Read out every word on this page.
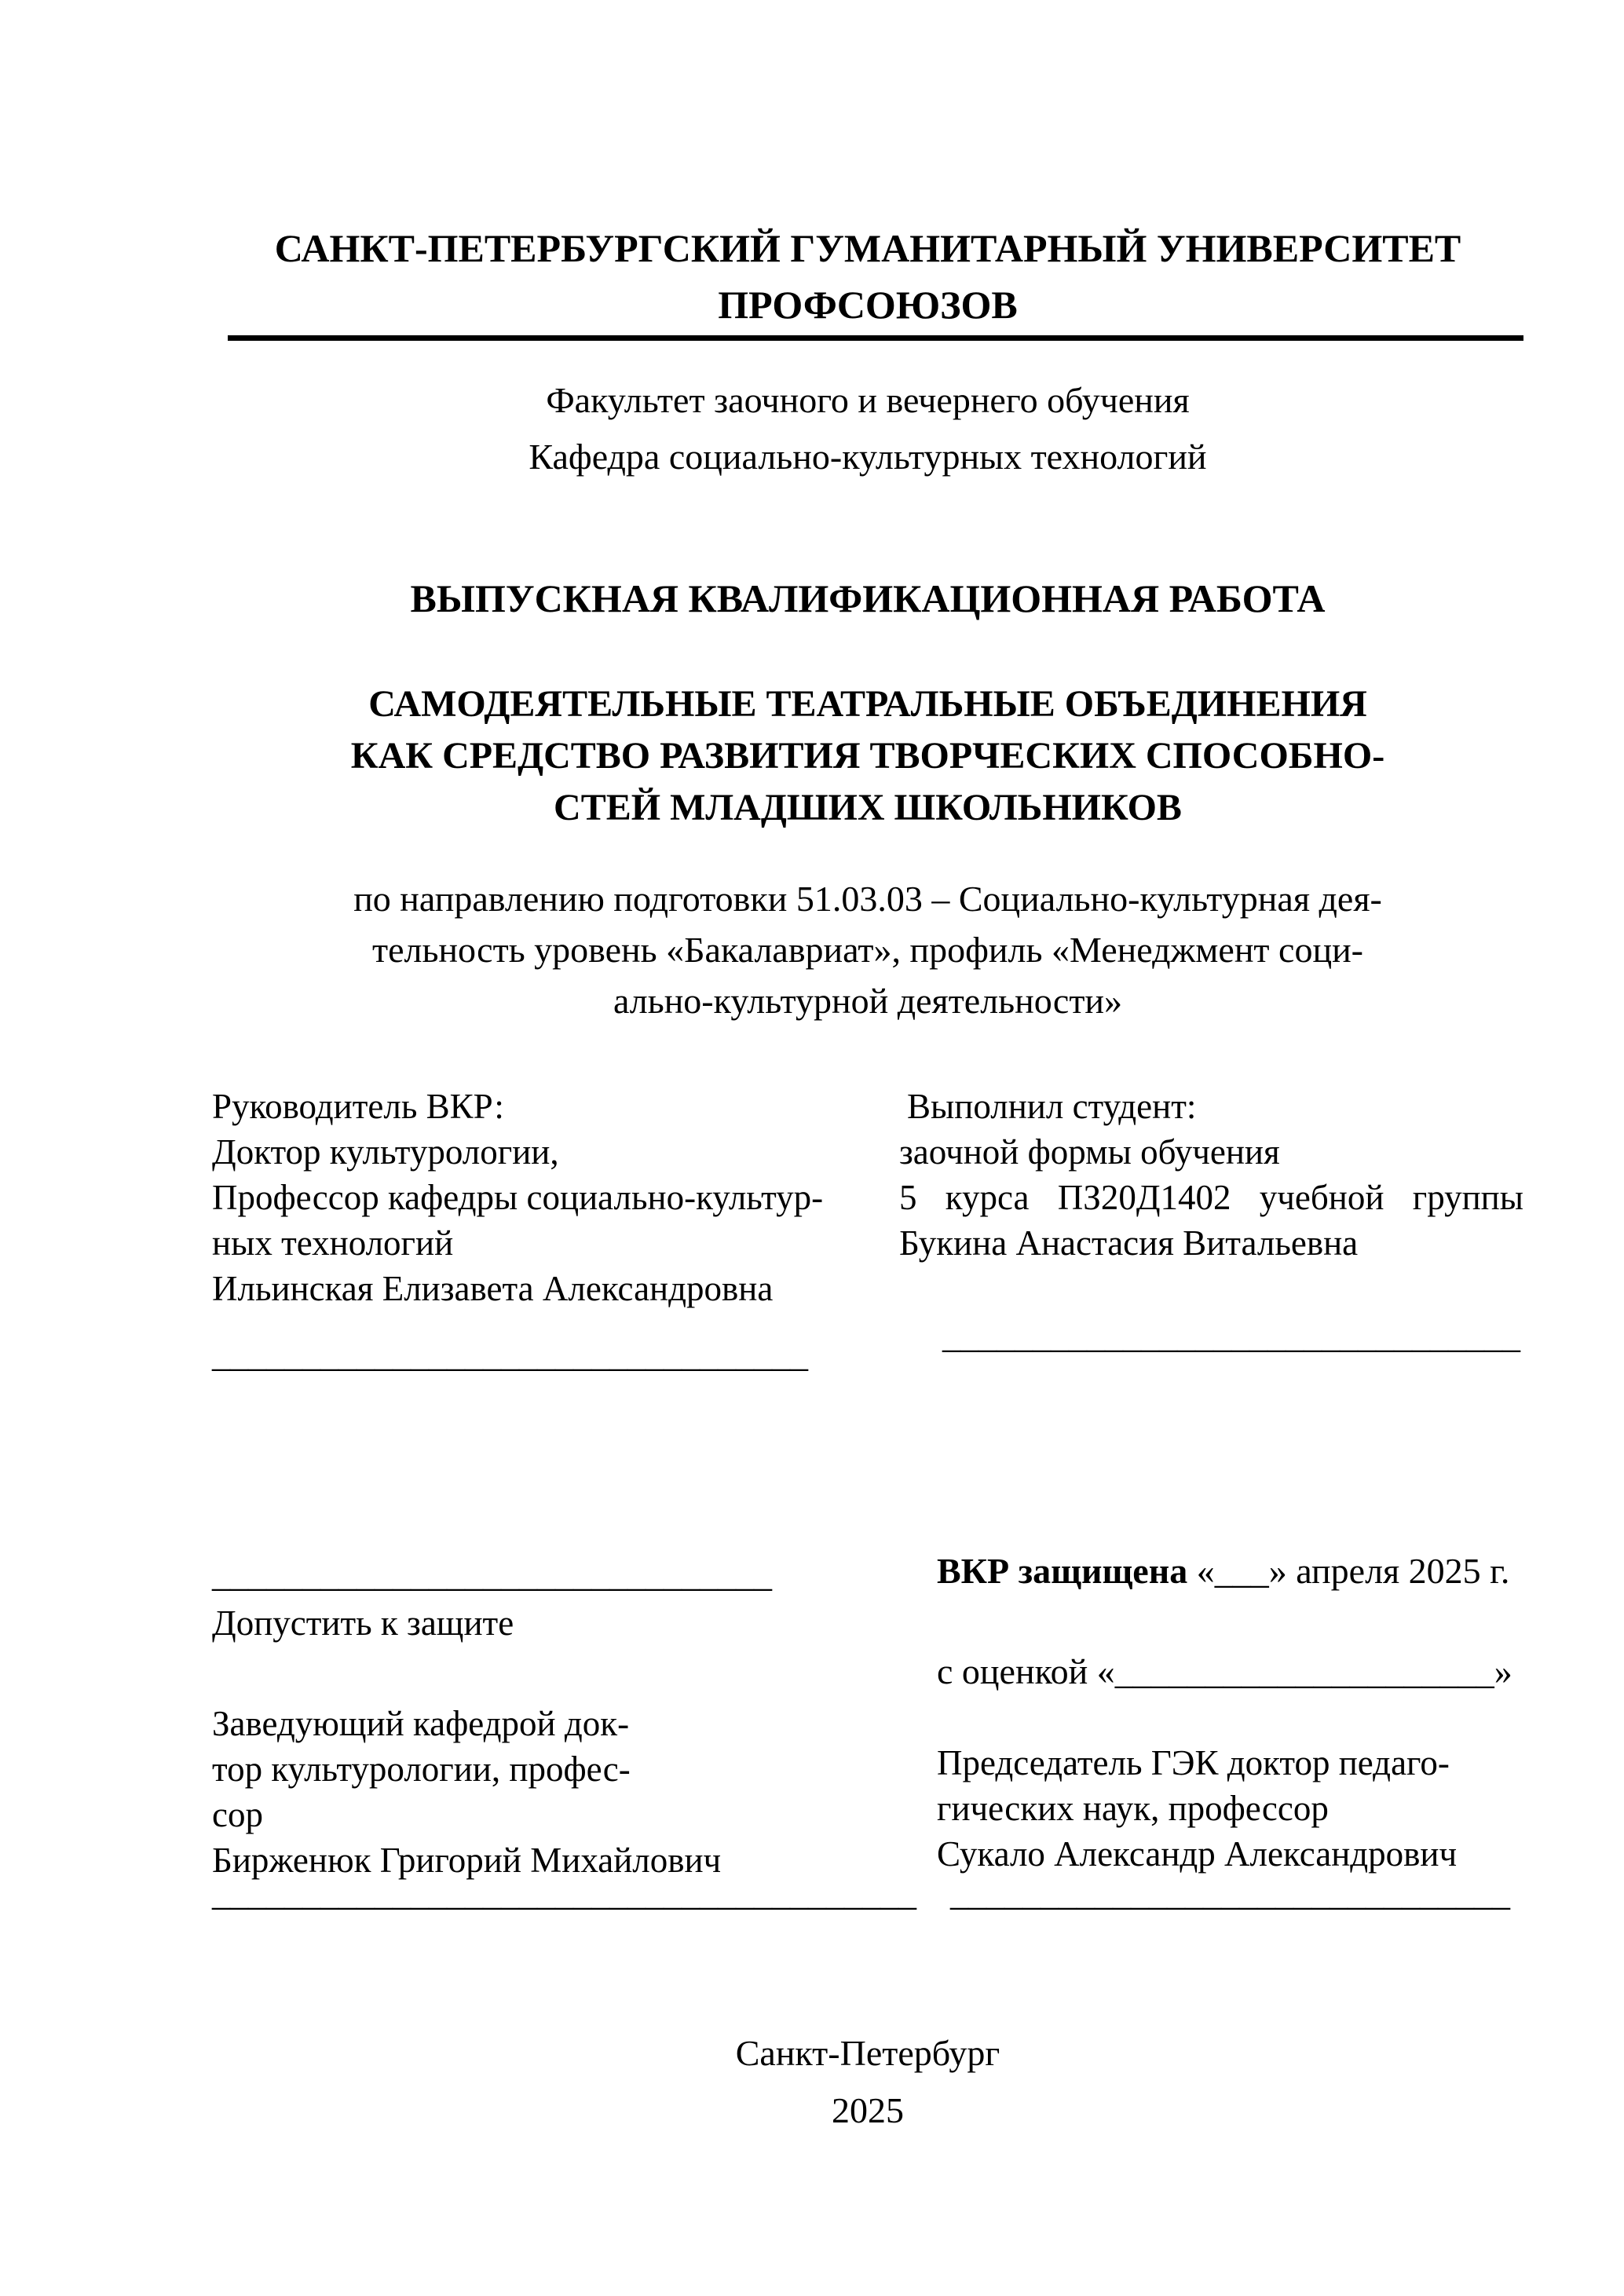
САНКТ-ПЕТЕРБУРГСКИЙ ГУМАНИТАРНЫЙ УНИВЕРСИТЕТ
ПРОФСОЮЗОВ
Факультет заочного и вечернего обучения
Кафедра социально-культурных технологий
ВЫПУСКНАЯ КВАЛИФИКАЦИОННАЯ РАБОТА
САМОДЕЯТЕЛЬНЫЕ ТЕАТРАЛЬНЫЕ ОБЪЕДИНЕНИЯ
КАК СРЕДСТВО РАЗВИТИЯ ТВОРЧЕСКИХ СПОСОБНО-
СТЕЙ МЛАДШИХ ШКОЛЬНИКОВ
по направлению подготовки 51.03.03 – Социально-культурная дея-
тельность уровень «Бакалавриат», профиль «Менеджмент соци-
ально-культурной деятельности»
Руководитель ВКР:
Доктор культурологии,
Профессор кафедры социально-культур-
ных технологий
Ильинская Елизавета Александровна
_________________________________
Выполнил студент:
заочной формы обучения
5 курса ПЗ20Д1402 учебной группы
Букина Анастасия Витальевна
________________________________
_______________________________
Допустить к защите
Заведующий кафедрой док-
тор культурологии, профес-
сор
Бирженюк Григорий Михайлович
_______________________________________
ВКР защищена «___» апреля 2025 г.
с оценкой «_____________________»
Председатель ГЭК доктор педаго-
гических наук, профессор
Сукало Александр Александрович
_______________________________
Санкт-Петербург
2025
